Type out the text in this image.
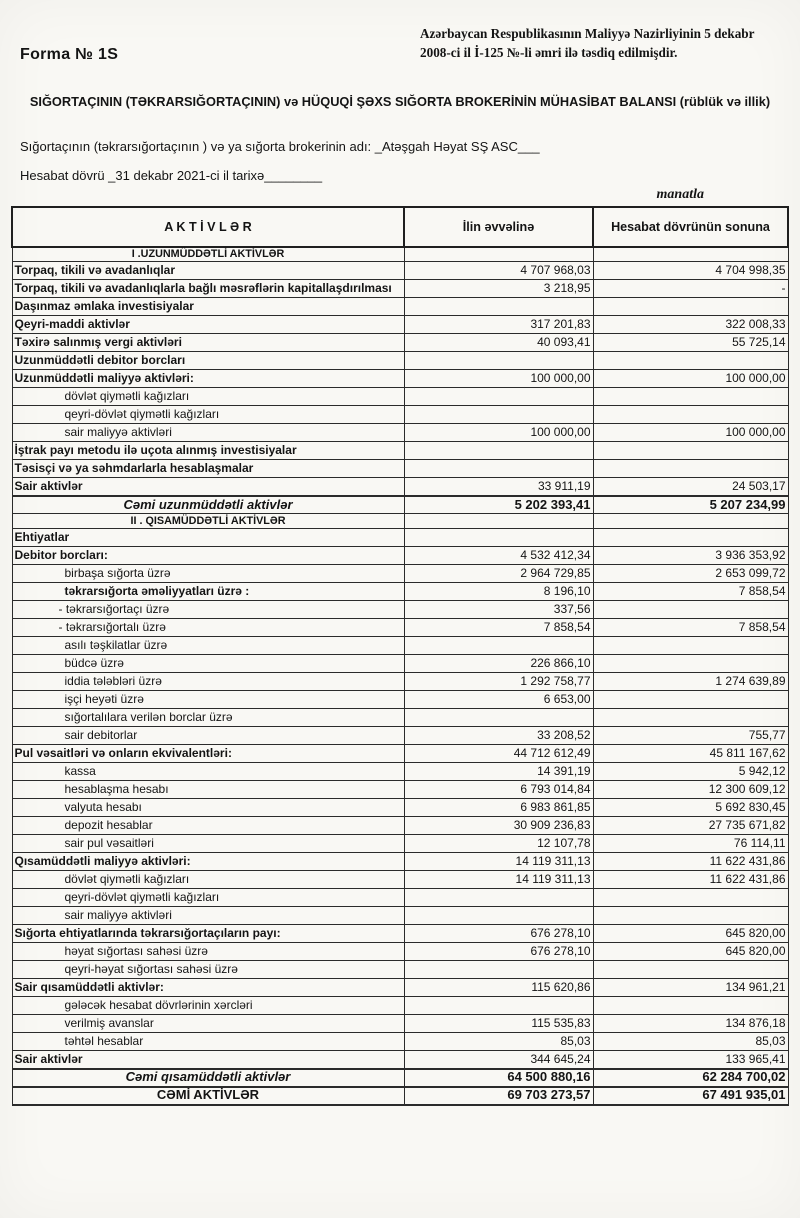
Forma № 1S
Azərbaycan Respublikasının Maliyyə Nazirliyinin 5 dekabr 2008-ci il İ-125 №-li əmri ilə təsdiq edilmişdir.
SIĞORTAÇININ (TƏKRARSIĞORTAÇININ) və HÜQUQİ ŞƏXS SIĞORTA BROKERİNİN MÜHASİBAT BALANSI (rüblük və illik)
Sığortaçının (təkrarsığortaçının ) və ya sığorta brokerinin adı: _Atəşgah Həyat SŞ ASC___
Hesabat dövrü _31 dekabr 2021-ci il tarixə________
manatla
A K T İ V L Ə R	İlin əvvəlinə	Hesabat dövrünün sonuna
I .UZUNMÜDDƏTLİ AKTİVLƏR		
Torpaq, tikili və avadanlıqlar	4 707 968,03	4 704 998,35
Torpaq, tikili və avadanlıqlarla bağlı məsrəflərin kapitallaşdırılması	3 218,95	-
Daşınmaz əmlaka investisiyalar		
Qeyri-maddi aktivlər	317 201,83	322 008,33
Təxirə salınmış vergi aktivləri	40 093,41	55 725,14
Uzunmüddətli debitor borcları		
Uzunmüddətli maliyyə aktivləri:	100 000,00	100 000,00
dövlət qiymətli kağızları		
qeyri-dövlət qiymətli kağızları		
sair maliyyə aktivləri	100 000,00	100 000,00
İştrak payı metodu ilə uçota alınmış investisiyalar		
Təsisçi və ya səhmdarlarla hesablaşmalar		
Sair aktivlər	33 911,19	24 503,17
Cəmi uzunmüddətli aktivlər	5 202 393,41	5 207 234,99
II . QISAMÜDDƏTLİ AKTİVLƏR		
Ehtiyatlar		
Debitor borcları:	4 532 412,34	3 936 353,92
birbaşa sığorta üzrə	2 964 729,85	2 653 099,72
təkrarsığorta əməliyyatları üzrə :	8 196,10	7 858,54
- təkrarsığortaçı üzrə	337,56	
- təkrarsığortalı üzrə	7 858,54	7 858,54
asılı təşkilatlar üzrə		
büdcə üzrə	226 866,10	
iddia tələbləri üzrə	1 292 758,77	1 274 639,89
işçi heyəti üzrə	6 653,00	
sığortalılara verilən borclar üzrə		
sair debitorlar	33 208,52	755,77
Pul vəsaitləri və onların ekvivalentləri:	44 712 612,49	45 811 167,62
kassa	14 391,19	5 942,12
hesablaşma hesabı	6 793 014,84	12 300 609,12
valyuta hesabı	6 983 861,85	5 692 830,45
depozit hesablar	30 909 236,83	27 735 671,82
sair pul vəsaitləri	12 107,78	76 114,11
Qısamüddətli maliyyə aktivləri:	14 119 311,13	11 622 431,86
dövlət qiymətli kağızları	14 119 311,13	11 622 431,86
qeyri-dövlət qiymətli kağızları		
sair maliyyə aktivləri		
Sığorta ehtiyatlarında təkrarsığortaçıların payı:	676 278,10	645 820,00
həyat sığortası sahəsi üzrə	676 278,10	645 820,00
qeyri-həyat sığortası sahəsi üzrə		
Sair qısamüddətli aktivlər:	115 620,86	134 961,21
gələcək hesabat dövrlərinin xərcləri		
verilmiş avanslar	115 535,83	134 876,18
təhtəl hesablar	85,03	85,03
Sair aktivlər	344 645,24	133 965,41
Cəmi qısamüddətli aktivlər	64 500 880,16	62 284 700,02
CƏMİ AKTİVLƏR	69 703 273,57	67 491 935,01
